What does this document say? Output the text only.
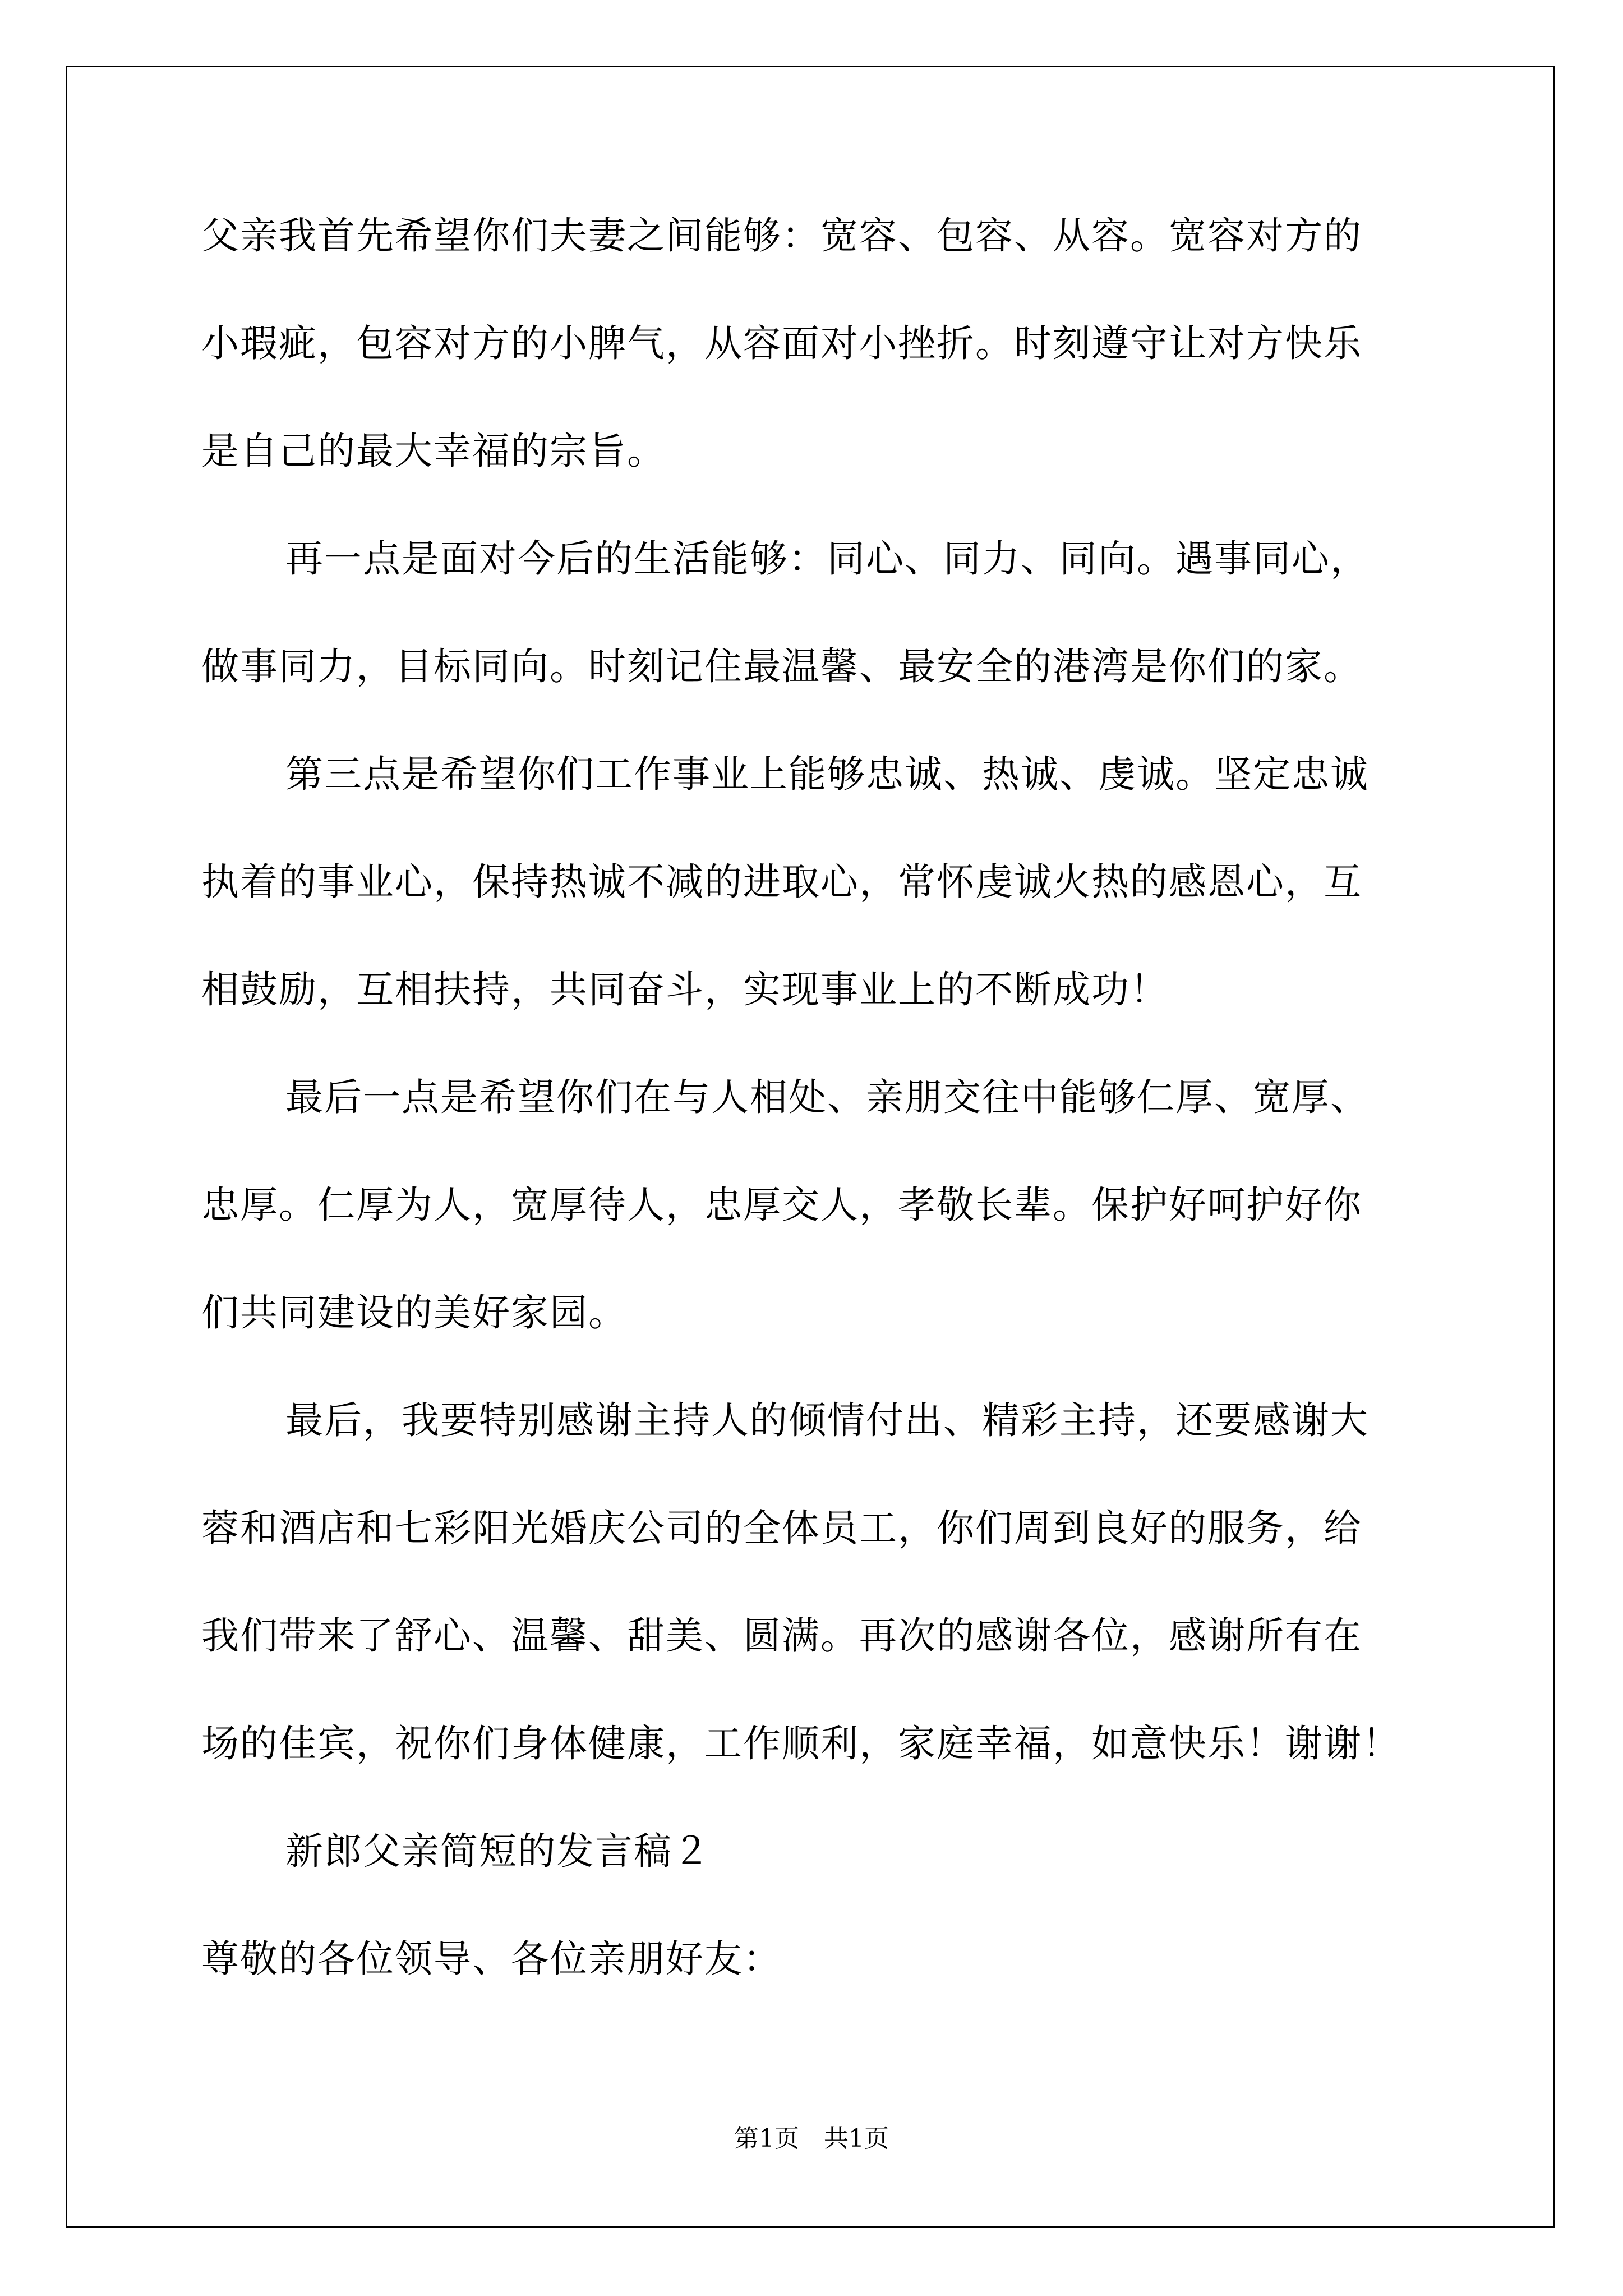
父亲我首先希望你们夫妻之间能够：宽容、包容、从容。宽容对方的
小瑕疵，包容对方的小脾气，从容面对小挫折。时刻遵守让对方快乐
是自己的最大幸福的宗旨。
再一点是面对今后的生活能够：同心、同力、同向。遇事同心，
做事同力，目标同向。时刻记住最温馨、最安全的港湾是你们的家。
第三点是希望你们工作事业上能够忠诚、热诚、虔诚。坚定忠诚
执着的事业心，保持热诚不减的进取心，常怀虔诚火热的感恩心，互
相鼓励，互相扶持，共同奋斗，实现事业上的不断成功！
最后一点是希望你们在与人相处、亲朋交往中能够仁厚、宽厚、
忠厚。仁厚为人，宽厚待人，忠厚交人，孝敬长辈。保护好呵护好你
们共同建设的美好家园。
最后，我要特别感谢主持人的倾情付出、精彩主持，还要感谢大
蓉和酒店和七彩阳光婚庆公司的全体员工，你们周到良好的服务，给
我们带来了舒心、温馨、甜美、圆满。再次的感谢各位，感谢所有在
场的佳宾，祝你们身体健康，工作顺利，家庭幸福，如意快乐！谢谢！
新郎父亲简短的发言稿２
尊敬的各位领导、各位亲朋好友：
第1页 共1页
